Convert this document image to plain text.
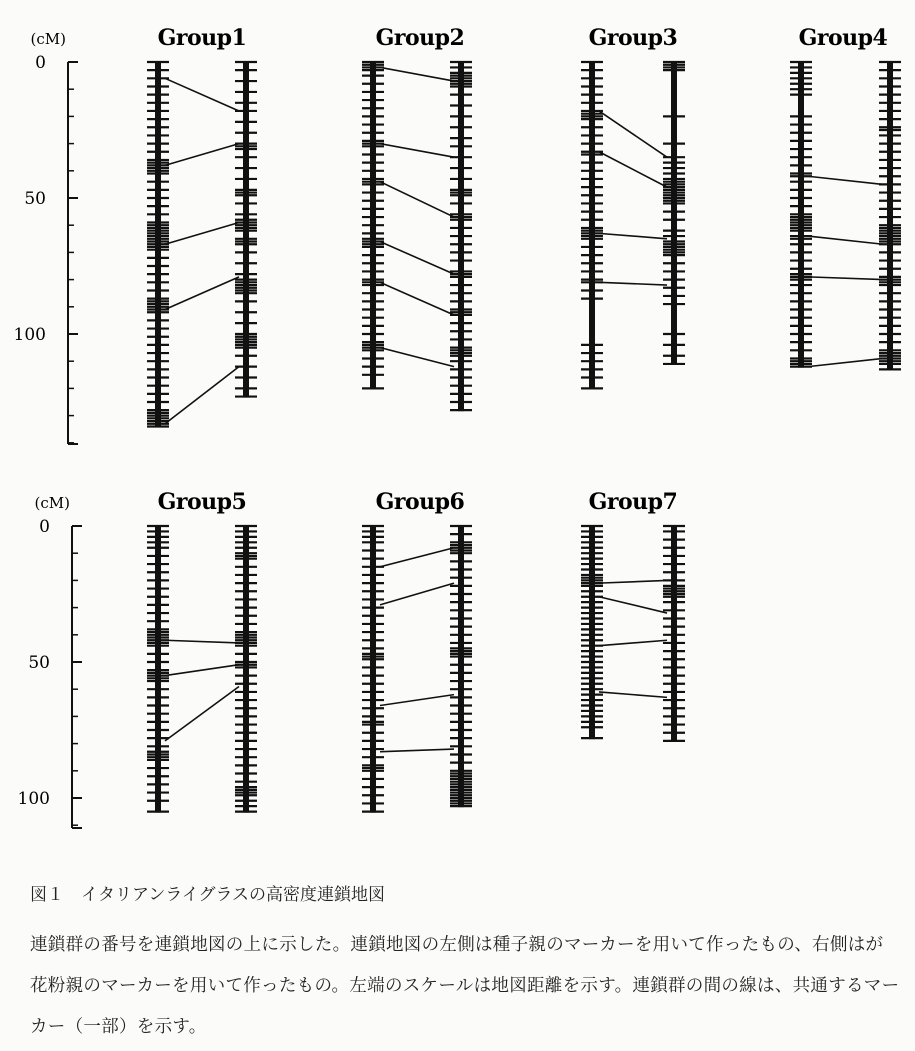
0
50
100
(cM)
0
50
100
(cM)
Group1	Group2	Group3	Group4
Group5	Group6	Group7
図１　イタリアンライグラスの高密度連鎖地図
連鎖群の番号を連鎖地図の上に示した。連鎖地図の左側は種子親のマーカーを用いて作ったもの、右側はが花粉親のマーカーを用いて作ったもの。左端のスケールは地図距離を示す。連鎖群の間の線は、共通するマーカー（一部）を示す。
